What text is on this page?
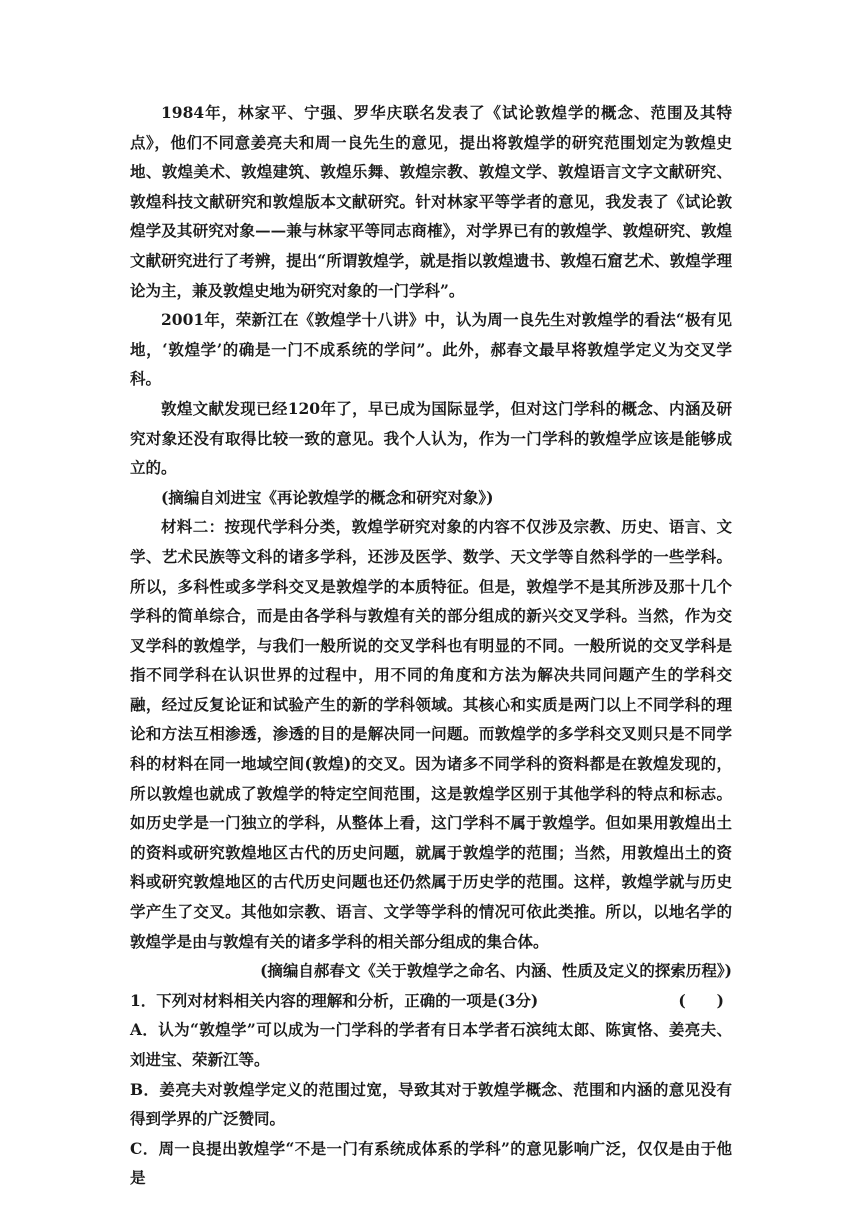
1984年，林家平、宁强、罗华庆联名发表了《试论敦煌学的概念、范围及其特点》，他们不同意姜亮夫和周一良先生的意见，提出将敦煌学的研究范围划定为敦煌史地、敦煌美术、敦煌建筑、敦煌乐舞、敦煌宗教、敦煌文学、敦煌语言文字文献研究、敦煌科技文献研究和敦煌版本文献研究。针对林家平等学者的意见，我发表了《试论敦煌学及其研究对象——兼与林家平等同志商榷》，对学界已有的敦煌学、敦煌研究、敦煌文献研究进行了考辨，提出“所谓敦煌学，就是指以敦煌遗书、敦煌石窟艺术、敦煌学理论为主，兼及敦煌史地为研究对象的一门学科”。

2001年，荣新江在《敦煌学十八讲》中，认为周一良先生对敦煌学的看法“极有见地，‘敦煌学’的确是一门不成系统的学问”。此外，郝春文最早将敦煌学定义为交叉学科。

敦煌文献发现已经120年了，早已成为国际显学，但对这门学科的概念、内涵及研究对象还没有取得比较一致的意见。我个人认为，作为一门学科的敦煌学应该是能够成立的。

(摘编自刘进宝《再论敦煌学的概念和研究对象》)

材料二：按现代学科分类，敦煌学研究对象的内容不仅涉及宗教、历史、语言、文学、艺术民族等文科的诸多学科，还涉及医学、数学、天文学等自然科学的一些学科。所以，多科性或多学科交叉是敦煌学的本质特征。但是，敦煌学不是其所涉及那十几个学科的简单综合，而是由各学科与敦煌有关的部分组成的新兴交叉学科。当然，作为交叉学科的敦煌学，与我们一般所说的交叉学科也有明显的不同。一般所说的交叉学科是指不同学科在认识世界的过程中，用不同的角度和方法为解决共同问题产生的学科交融，经过反复论证和试验产生的新的学科领域。其核心和实质是两门以上不同学科的理论和方法互相渗透，渗透的目的是解决同一问题。而敦煌学的多学科交叉则只是不同学科的材料在同一地域空间(敦煌)的交叉。因为诸多不同学科的资料都是在敦煌发现的，所以敦煌也就成了敦煌学的特定空间范围，这是敦煌学区别于其他学科的特点和标志。如历史学是一门独立的学科，从整体上看，这门学科不属于敦煌学。但如果用敦煌出土的资料或研究敦煌地区古代的历史问题，就属于敦煌学的范围；当然，用敦煌出土的资料或研究敦煌地区的古代历史问题也还仍然属于历史学的范围。这样，敦煌学就与历史学产生了交叉。其他如宗教、语言、文学等学科的情况可依此类推。所以，以地名学的敦煌学是由与敦煌有关的诸多学科的相关部分组成的集合体。

(摘编自郝春文《关于敦煌学之命名、内涵、性质及定义的探索历程》)

1．下列对材料相关内容的理解和分析，正确的一项是(3分)	(　　)

A．认为“敦煌学”可以成为一门学科的学者有日本学者石滨纯太郎、陈寅恪、姜亮夫、刘进宝、荣新江等。

B．姜亮夫对敦煌学定义的范围过宽，导致其对于敦煌学概念、范围和内涵的意见没有得到学界的广泛赞同。

C．周一良提出敦煌学“不是一门有系统成体系的学科”的意见影响广泛，仅仅是由于他是
